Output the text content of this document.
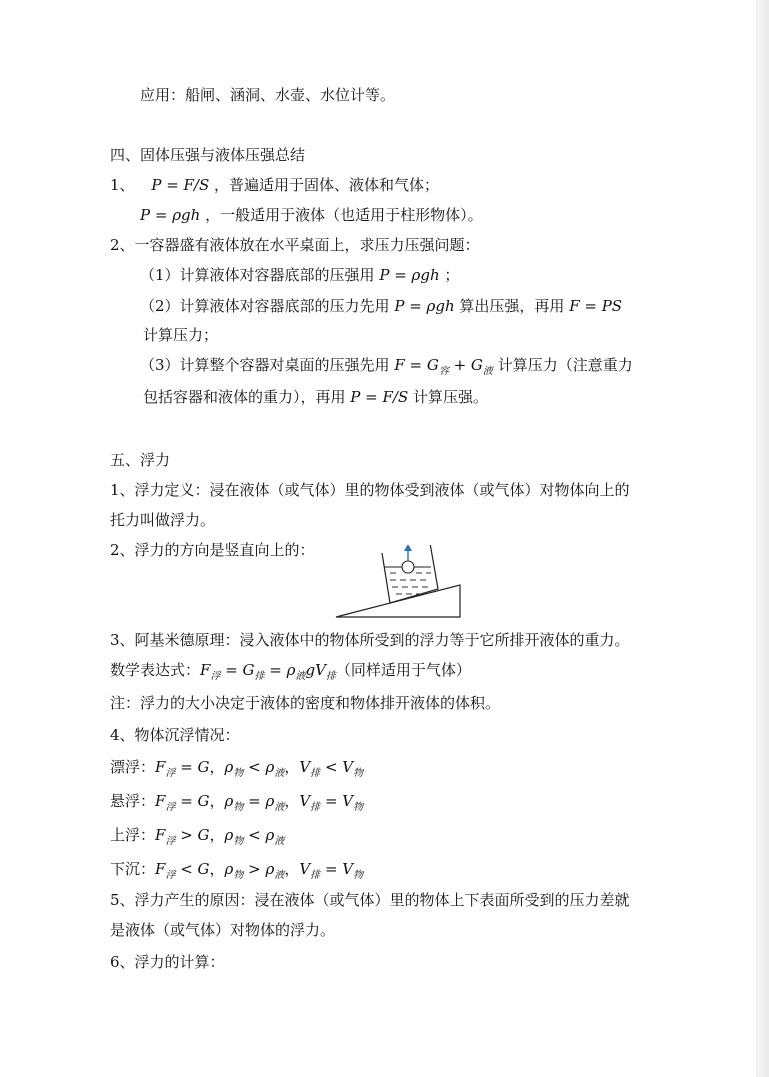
应用：船闸、涵洞、水壶、水位计等。
四、固体压强与液体压强总结
1、 P = F/S ，普遍适用于固体、液体和气体；
P = ρgh ，一般适用于液体（也适用于柱形物体）。
2、一容器盛有液体放在水平桌面上，求压力压强问题：
（1）计算液体对容器底部的压强用 P = ρgh ；
（2）计算液体对容器底部的压力先用 P = ρgh 算出压强，再用 F = PS
计算压力；
（3）计算整个容器对桌面的压强先用 $F = G_容 + G_液$ 计算压力（注意重力
包括容器和液体的重力），再用 P = F/S 计算压强。
五、浮力
1、浮力定义：浸在液体（或气体）里的物体受到液体（或气体）对物体向上的
托力叫做浮力。
2、浮力的方向是竖直向上的：
3、阿基米德原理：浸入液体中的物体所受到的浮力等于它所排开液体的重力。
数学表达式：$F_浮 = G_排 = \rho_液gV_排$（同样适用于气体）
注：浮力的大小决定于液体的密度和物体排开液体的体积。
4、物体沉浮情况：
漂浮：$F_浮 = G$，$\rho_物 < \rho_液$，$V_排 < V_物$
悬浮：$F_浮 = G$，$\rho_物 = \rho_液$，$V_排 = V_物$
上浮：$F_浮 > G$，$\rho_物 < \rho_液$
下沉：$F_浮 < G$，$\rho_物 > \rho_液$，$V_排 = V_物$
5、浮力产生的原因：浸在液体（或气体）里的物体上下表面所受到的压力差就
是液体（或气体）对物体的浮力。
6、浮力的计算：
